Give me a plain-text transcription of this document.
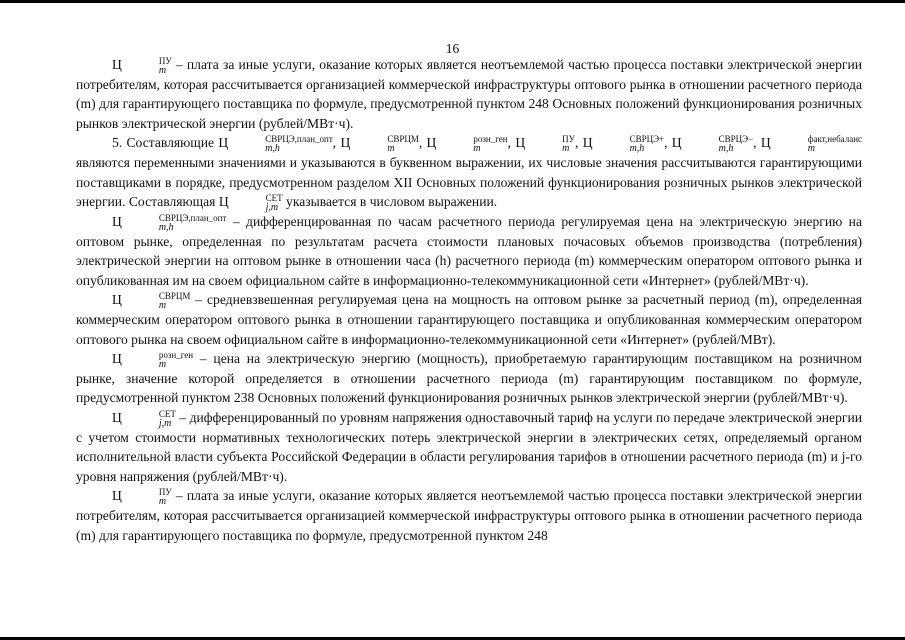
16

Ц	ПУ
m – плата за иные услуги, оказание которых является неотъемлемой частью процесса поставки электрической энергии потребителям, которая рассчитывается организацией коммерческой инфраструктуры оптового рынка в отношении расчетного периода (m) для гарантирующего поставщика по формуле, предусмотренной пунктом 248 Основных положений функционирования розничных рынков электрической энергии (рублей/МВт·ч).

5. Составляющие Ц	СВРЦЭ,план_опт
m,h	, Ц	СВРЦМ
m	, Ц	розн_ген
m	, Ц	ПУ
m , Ц	СВРЦЭ+
m,h	, Ц	СВРЦЭ−
m,h	, Ц	факт,небаланс
m
являются переменными значениями и указываются в буквенном выражении, их числовые значения рассчитываются гарантирующими поставщиками в порядке, предусмотренном разделом XII Основных положений функционирования розничных рынков электрической энергии. Составляющая Ц	СЕТ
j,m указывается в числовом выражении.

Ц	СВРЦЭ,план_опт
m,h	– дифференцированная по часам расчетного периода регулируемая цена на электрическую энергию на оптовом рынке, определенная по результатам расчета стоимости плановых почасовых объемов производства (потребления) электрической энергии на оптовом рынке в отношении часа (h) расчетного периода (m) коммерческим оператором оптового рынка и опубликованная им на своем официальном сайте в информационно-телекоммуникационной сети «Интернет» (рублей/МВт·ч).

Ц	СВРЦМ
m	– средневзвешенная регулируемая цена на мощность на оптовом рынке за расчетный период (m), определенная коммерческим оператором оптового рынка в отношении гарантирующего поставщика и опубликованная коммерческим оператором оптового рынка на своем официальном сайте в информационно-телекоммуникационной сети «Интернет» (рублей/МВт).

Ц	розн_ген
m	– цена на электрическую энергию (мощность), приобретаемую гарантирующим поставщиком на розничном рынке, значение которой определяется в отношении расчетного периода (m) гарантирующим поставщиком по формуле, предусмотренной пунктом 238 Основных положений функционирования розничных рынков электрической энергии (рублей/МВт·ч).

Ц	СЕТ
j,m – дифференцированный по уровням напряжения одноставочный тариф на услуги по передаче электрической энергии с учетом стоимости нормативных технологических потерь электрической энергии в электрических сетях, определяемый органом исполнительной власти субъекта Российской Федерации в области регулирования тарифов в отношении расчетного периода (m) и j-го уровня напряжения (рублей/МВт·ч).

Ц	ПУ
m – плата за иные услуги, оказание которых является неотъемлемой частью процесса поставки электрической энергии потребителям, которая рассчитывается организацией коммерческой инфраструктуры оптового рынка в отношении расчетного периода (m) для гарантирующего поставщика по формуле, предусмотренной пунктом 248
